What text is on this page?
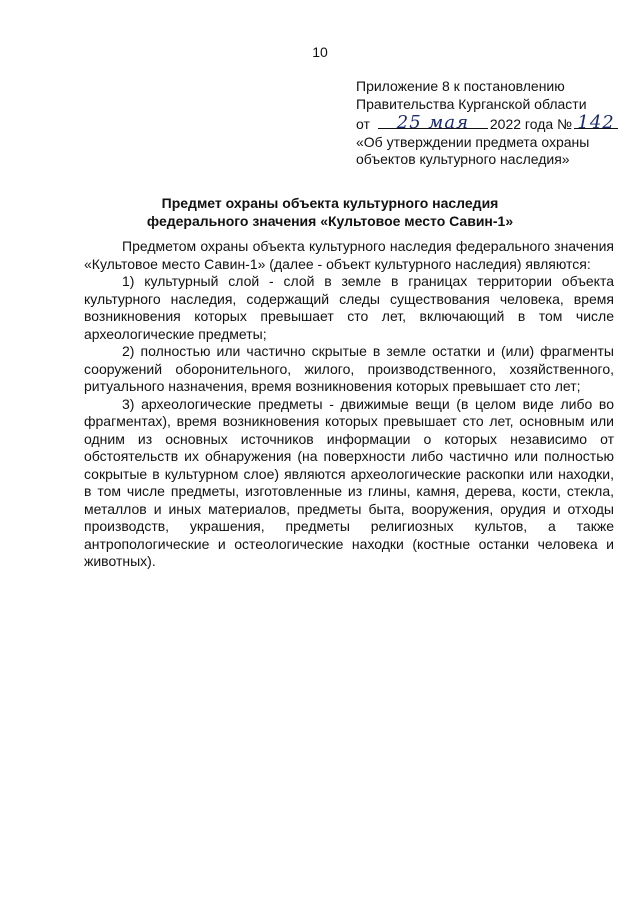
10
Приложение 8 к постановлению
Правительства Курганской области
от	25 мая	2022 года № 142
«Об утверждении предмета охраны
объектов культурного наследия»
Предмет охраны объекта культурного наследия
федерального значения «Культовое место Савин-1»

Предметом охраны объекта культурного наследия федерального значения «Культовое место Савин-1» (далее - объект культурного наследия) являются:

1) культурный слой - слой в земле в границах территории объекта культурного наследия, содержащий следы существования человека, время возникновения которых превышает сто лет, включающий в том числе археологические предметы;

2) полностью или частично скрытые в земле остатки и (или) фрагменты сооружений оборонительного, жилого, производственного, хозяйственного, ритуального назначения, время возникновения которых превышает сто лет;

3) археологические предметы - движимые вещи (в целом виде либо во фрагментах), время возникновения которых превышает сто лет, основным или одним из основных источников информации о которых независимо от обстоятельств их обнаружения (на поверхности либо частично или полностью сокрытые в культурном слое) являются археологические раскопки или находки, в том числе предметы, изготовленные из глины, камня, дерева, кости, стекла, металлов и иных материалов, предметы быта, вооружения, орудия и отходы производств, украшения, предметы религиозных культов, а также антропологические и остеологические находки (костные останки человека и животных).
